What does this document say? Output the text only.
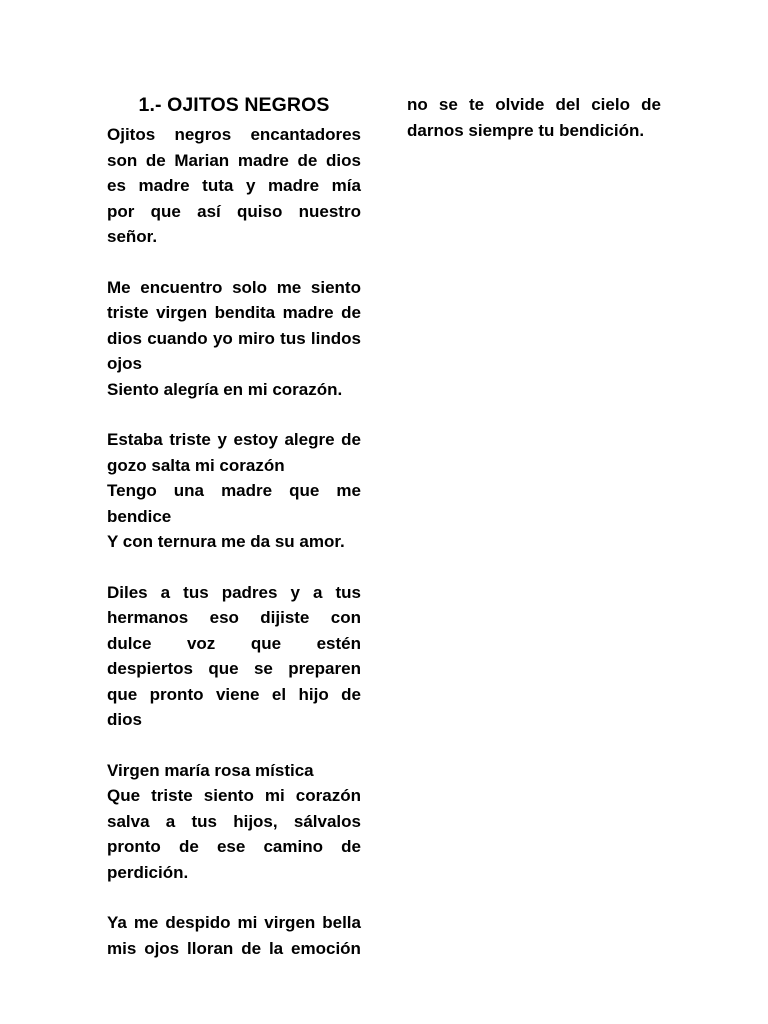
1.- OJITOS NEGROS
Ojitos negros encantadores
son de Marian madre de dios
es madre tuta y madre mía
por que así quiso nuestro
señor.
Me encuentro solo me siento
triste virgen bendita madre de
dios cuando yo miro tus lindos
ojos
Siento alegría en mi corazón.
Estaba triste y estoy alegre de
gozo salta mi corazón
Tengo una madre que me
bendice
Y con ternura me da su amor.
Diles a tus padres y a tus
hermanos eso dijiste con
dulce voz que estén
despiertos que se preparen
que pronto viene el hijo de
dios
Virgen maría rosa mística
Que triste siento mi corazón
salva a tus hijos, sálvalos
pronto de ese camino de
perdición.
Ya me despido mi virgen bella
mis ojos lloran de la emoción
no se te olvide del cielo de
darnos siempre tu bendición.
